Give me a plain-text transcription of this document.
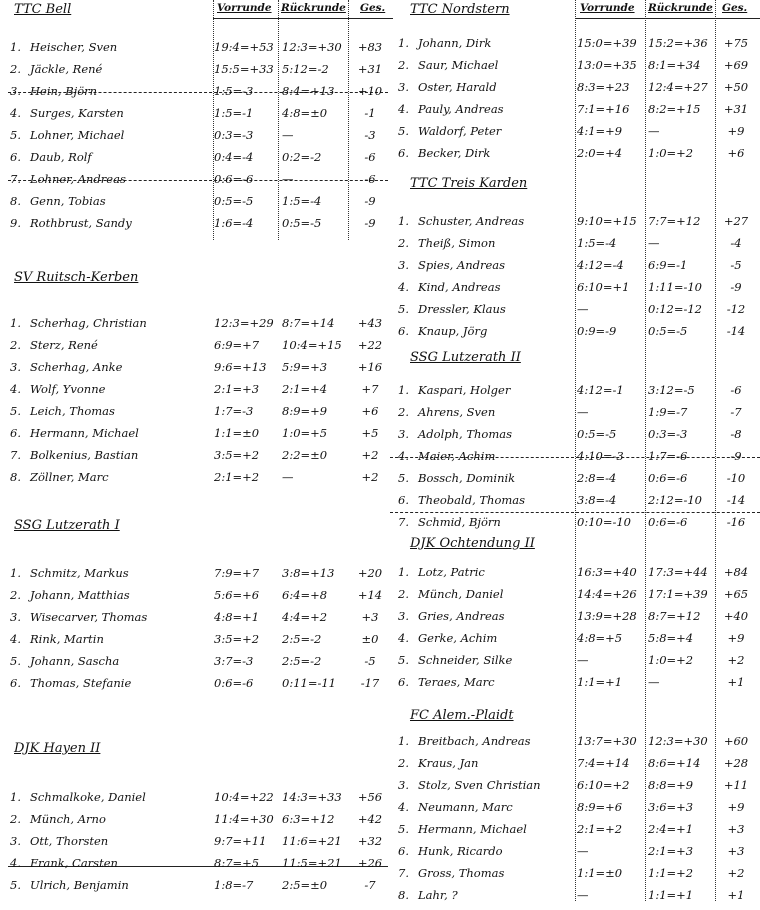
Vorrunde Rückrunde Ges.	Vorrunde Rückrunde Ges.
TTC Bell
1. Heischer, Sven	19:4=+53 12:3=+30	+83
2. Jäckle, René	15:5=+33 5:12=-2	+31
3. Hein, Björn	1:5=-3 8:4=+13	+10
4. Surges, Karsten	1:5=-1 4:8=±0	-1
5. Lohner, Michael	0:3=-3 —	-3
6. Daub, Rolf	0:4=-4 0:2=-2	-6
7. Lohner, Andreas	0:6=-6 —	-6
8. Genn, Tobias	0:5=-5 1:5=-4	-9
9. Rothbrust, Sandy	1:6=-4 0:5=-5	-9
SV Ruitsch-Kerben
1. Scherhag, Christian	12:3=+29 8:7=+14	+43
2. Sterz, René	6:9=+7 10:4=+15	+22
3. Scherhag, Anke	9:6=+13 5:9=+3	+16
4. Wolf, Yvonne	2:1=+3 2:1=+4	+7
5. Leich, Thomas	1:7=-3 8:9=+9	+6
6. Hermann, Michael	1:1=±0 1:0=+5	+5
7. Bolkenius, Bastian	3:5=+2 2:2=±0	+2
8. Zöllner, Marc	2:1=+2 —	+2
SSG Lutzerath I
1. Schmitz, Markus	7:9=+7 3:8=+13	+20
2. Johann, Matthias	5:6=+6 6:4=+8	+14
3. Wisecarver, Thomas	4:8=+1 4:4=+2	+3
4. Rink, Martin	3:5=+2 2:5=-2	±0
5. Johann, Sascha	3:7=-3 2:5=-2	-5
6. Thomas, Stefanie	0:6=-6 0:11=-11	-17
DJK Hayen II
1. Schmalkoke, Daniel	10:4=+22 14:3=+33	+56
2. Münch, Arno	11:4=+30 6:3=+12	+42
3. Ott, Thorsten	9:7=+11 11:6=+21	+32
4. Frank, Carsten	8:7=+5 11:5=+21	+26
5. Ulrich, Benjamin	1:8=-7 2:5=±0	-7
TTC Nordstern
1. Johann, Dirk	15:0=+39 15:2=+36	+75
2. Saur, Michael	13:0=+35 8:1=+34	+69
3. Oster, Harald	8:3=+23 12:4=+27	+50
4. Pauly, Andreas	7:1=+16 8:2=+15	+31
5. Waldorf, Peter	4:1=+9 —	+9
6. Becker, Dirk	2:0=+4 1:0=+2	+6
TTC Treis Karden
1. Schuster, Andreas	9:10=+15 7:7=+12	+27
2. Theiß, Simon	1:5=-4	—	-4
3. Spies, Andreas	4:12=-4 6:9=-1	-5
4. Kind, Andreas	6:10=+1 1:11=-10	-9
5. Dressler, Klaus	—	0:12=-12	-12
6. Knaup, Jörg	0:9=-9	0:5=-5	-14
SSG Lutzerath II
1. Kaspari, Holger	4:12=-1 3:12=-5	-6
2. Ahrens, Sven	—	1:9=-7	-7
3. Adolph, Thomas	0:5=-5	0:3=-3	-8
4. Maier, Achim	4:10=-3 1:7=-6	-9
5. Bossch, Dominik	2:8=-4	0:6=-6	-10
6. Theobald, Thomas	3:8=-4	2:12=-10	-14
7. Schmid, Björn	0:10=-10 0:6=-6	-16
DJK Ochtendung II
1. Lotz, Patric	16:3=+40 17:3=+44	+84
2. Münch, Daniel	14:4=+26 17:1=+39	+65
3. Gries, Andreas	13:9=+28 8:7=+12	+40
4. Gerke, Achim	4:8=+5 5:8=+4	+9
5. Schneider, Silke	—	1:0=+2	+2
6. Teraes, Marc	1:1=+1 —	+1
FC Alem.-Plaidt
1. Breitbach, Andreas	13:7=+30 12:3=+30	+60
2. Kraus, Jan	7:4=+14 8:6=+14	+28
3. Stolz, Sven Christian	6:10=+2 8:8=+9	+11
4. Neumann, Marc	8:9=+6 3:6=+3	+9
5. Hermann, Michael	2:1=+2 2:4=+1	+3
6. Hunk, Ricardo	—	2:1=+3	+3
7. Gross, Thomas	1:1=±0 1:1=+2	+2
8. Lahr, ?	—	1:1=+1	+1
